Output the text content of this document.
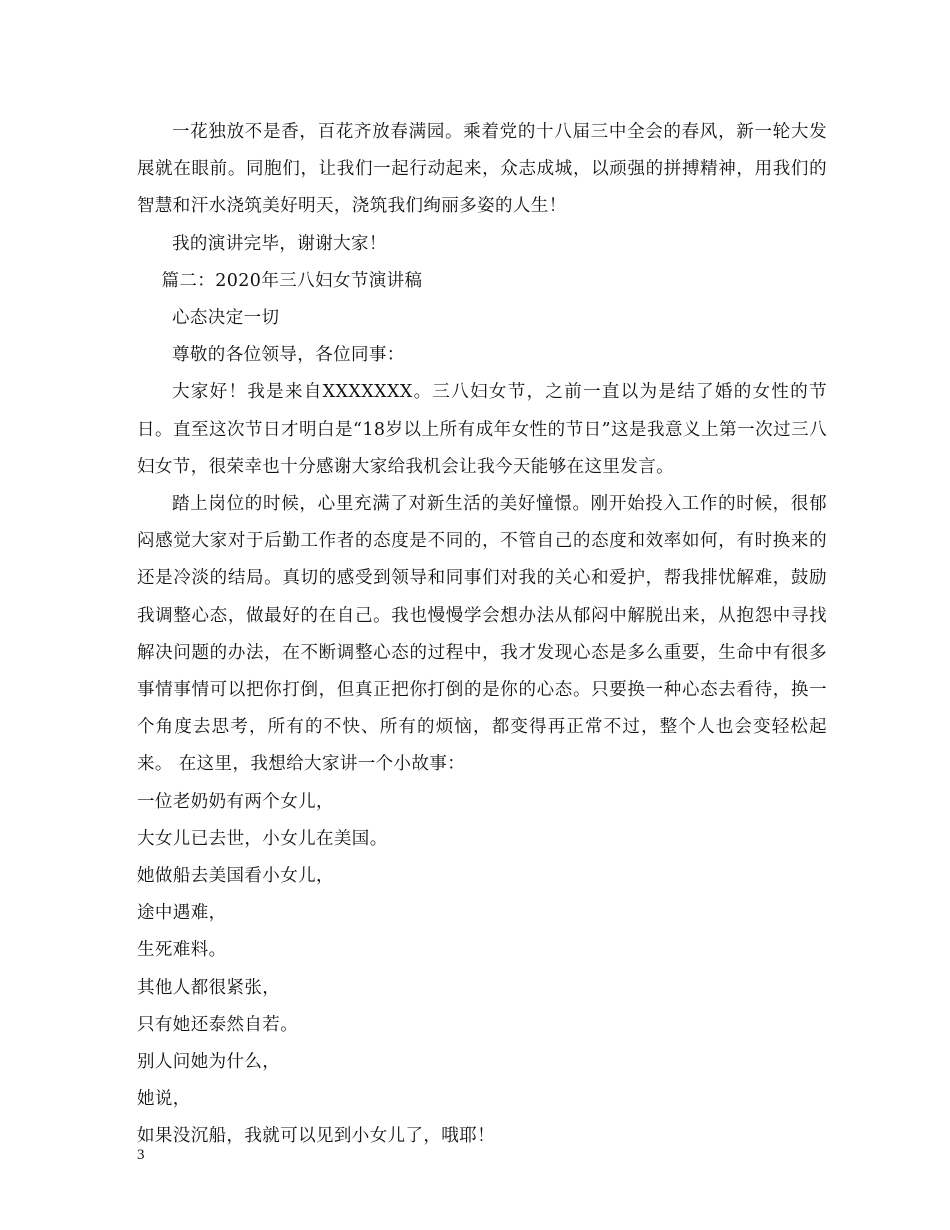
一花独放不是香，百花齐放春满园。乘着党的十八届三中全会的春风，新一轮大发展就在眼前。同胞们，让我们一起行动起来，众志成城，以顽强的拼搏精神，用我们的智慧和汗水浇筑美好明天，浇筑我们绚丽多姿的人生！

我的演讲完毕，谢谢大家！

篇二：2020年三八妇女节演讲稿

心态决定一切

尊敬的各位领导，各位同事：

大家好！我是来自XXXXXXX。三八妇女节，之前一直以为是结了婚的女性的节日。直至这次节日才明白是“18岁以上所有成年女性的节日”这是我意义上第一次过三八妇女节，很荣幸也十分感谢大家给我机会让我今天能够在这里发言。

踏上岗位的时候，心里充满了对新生活的美好憧憬。刚开始投入工作的时候，很郁闷感觉大家对于后勤工作者的态度是不同的，不管自己的态度和效率如何，有时换来的还是冷淡的结局。真切的感受到领导和同事们对我的关心和爱护，帮我排忧解难，鼓励我调整心态，做最好的在自己。我也慢慢学会想办法从郁闷中解脱出来，从抱怨中寻找解决问题的办法，在不断调整心态的过程中，我才发现心态是多么重要，生命中有很多事情事情可以把你打倒，但真正把你打倒的是你的心态。只要换一种心态去看待，换一个角度去思考，所有的不快、所有的烦恼，都变得再正常不过，整个人也会变轻松起来。 在这里，我想给大家讲一个小故事：

一位老奶奶有两个女儿，

大女儿已去世，小女儿在美国。

她做船去美国看小女儿，

途中遇难，

生死难料。

其他人都很紧张，

只有她还泰然自若。

别人问她为什么，

她说，

如果没沉船，我就可以见到小女儿了，哦耶！

3
